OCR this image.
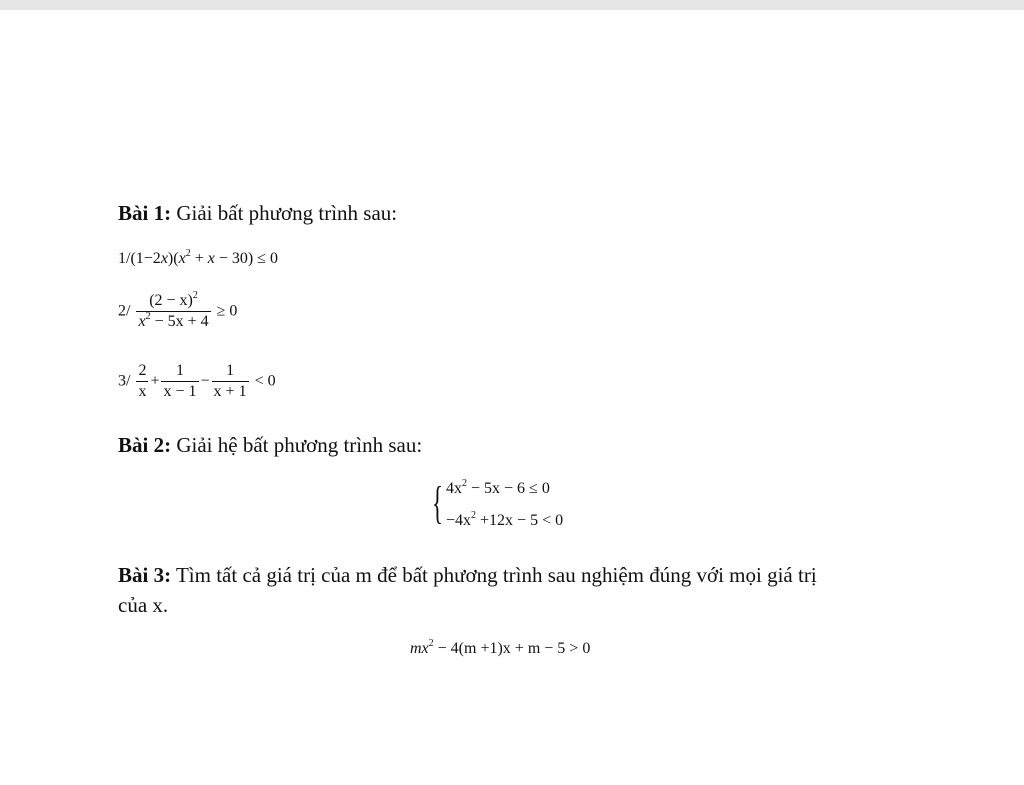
Bài 1: Giải bất phương trình sau:
$1/(1-2x)(x^2 + x - 30) \le 0$
$2/ \frac{(2 - x)^2}{x^2 - 5x + 4} \ge 0$
$3/ \frac{2}{x} + \frac{1}{x - 1} - \frac{1}{x + 1} < 0$
Bài 2: Giải hệ bất phương trình sau:
{ $4x^2 - 5x - 6 \le 0$
$-4x^2 +12x - 5 < 0$
Bài 3: Tìm tất cả giá trị của m để bất phương trình sau nghiệm đúng với mọi giá trị
của x.
$mx^2 - 4(m +1)x + m - 5 > 0$
